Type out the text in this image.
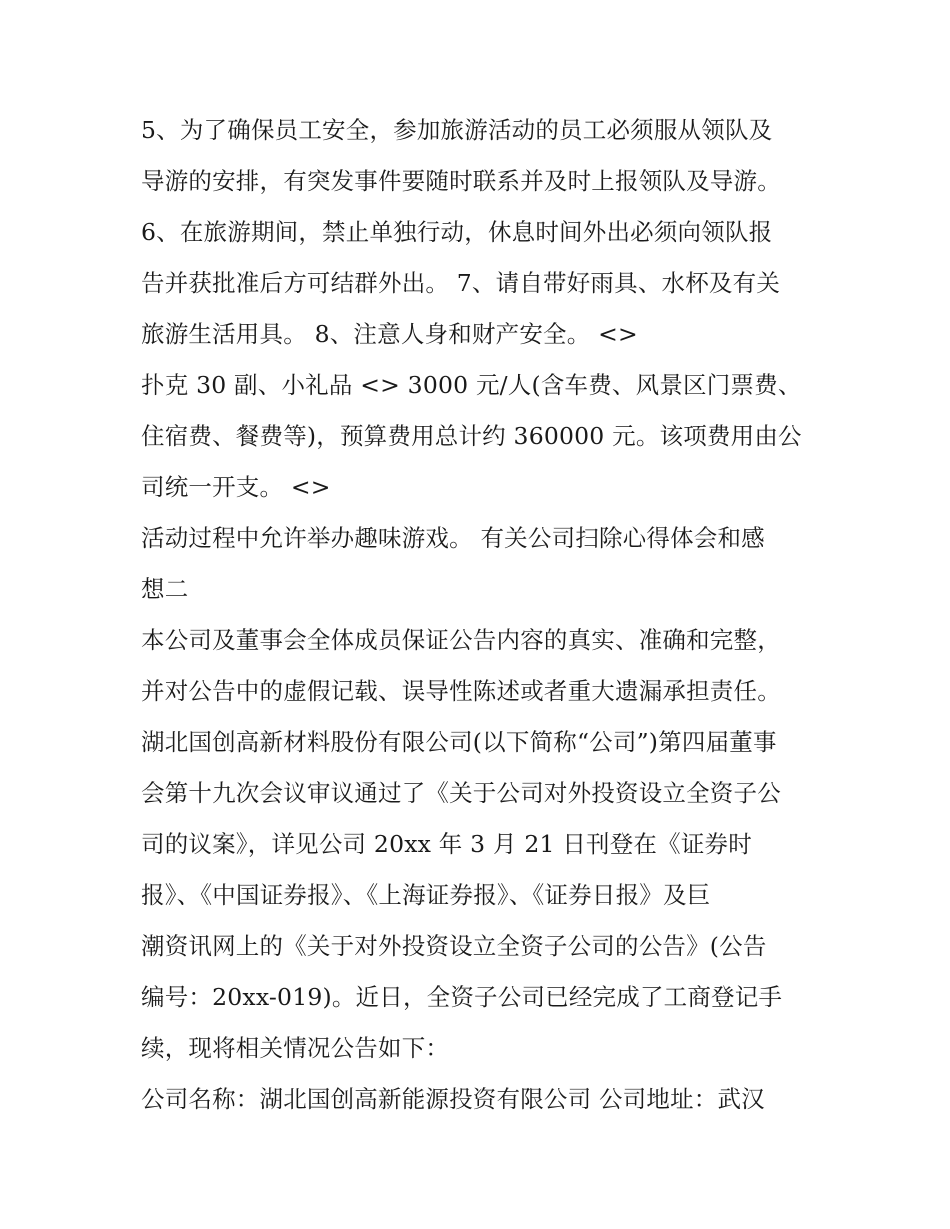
5、为了确保员工安全，参加旅游活动的员工必须服从领队及
导游的安排，有突发事件要随时联系并及时上报领队及导游。
6、在旅游期间，禁止单独行动，休息时间外出必须向领队报
告并获批准后方可结群外出。 7、请自带好雨具、水杯及有关
旅游生活用具。 8、注意人身和财产安全。 <>
扑克 30 副、小礼品 <> 3000 元/人(含车费、风景区门票费、
住宿费、餐费等)，预算费用总计约 360000 元。该项费用由公
司统一开支。 <>
活动过程中允许举办趣味游戏。 有关公司扫除心得体会和感
想二
本公司及董事会全体成员保证公告内容的真实、准确和完整，
并对公告中的虚假记载、误导性陈述或者重大遗漏承担责任。
湖北国创高新材料股份有限公司(以下简称“公司”)第四届董事
会第十九次会议审议通过了《关于公司对外投资设立全资子公
司的议案》，详见公司 20xx 年 3 月 21 日刊登在《证券时
报》、《中国证券报》、《上海证券报》、《证券日报》及巨
潮资讯网上的《关于对外投资设立全资子公司的公告》(公告
编号：20xx-019)。近日，全资子公司已经完成了工商登记手
续，现将相关情况公告如下：
公司名称：湖北国创高新能源投资有限公司 公司地址：武汉
